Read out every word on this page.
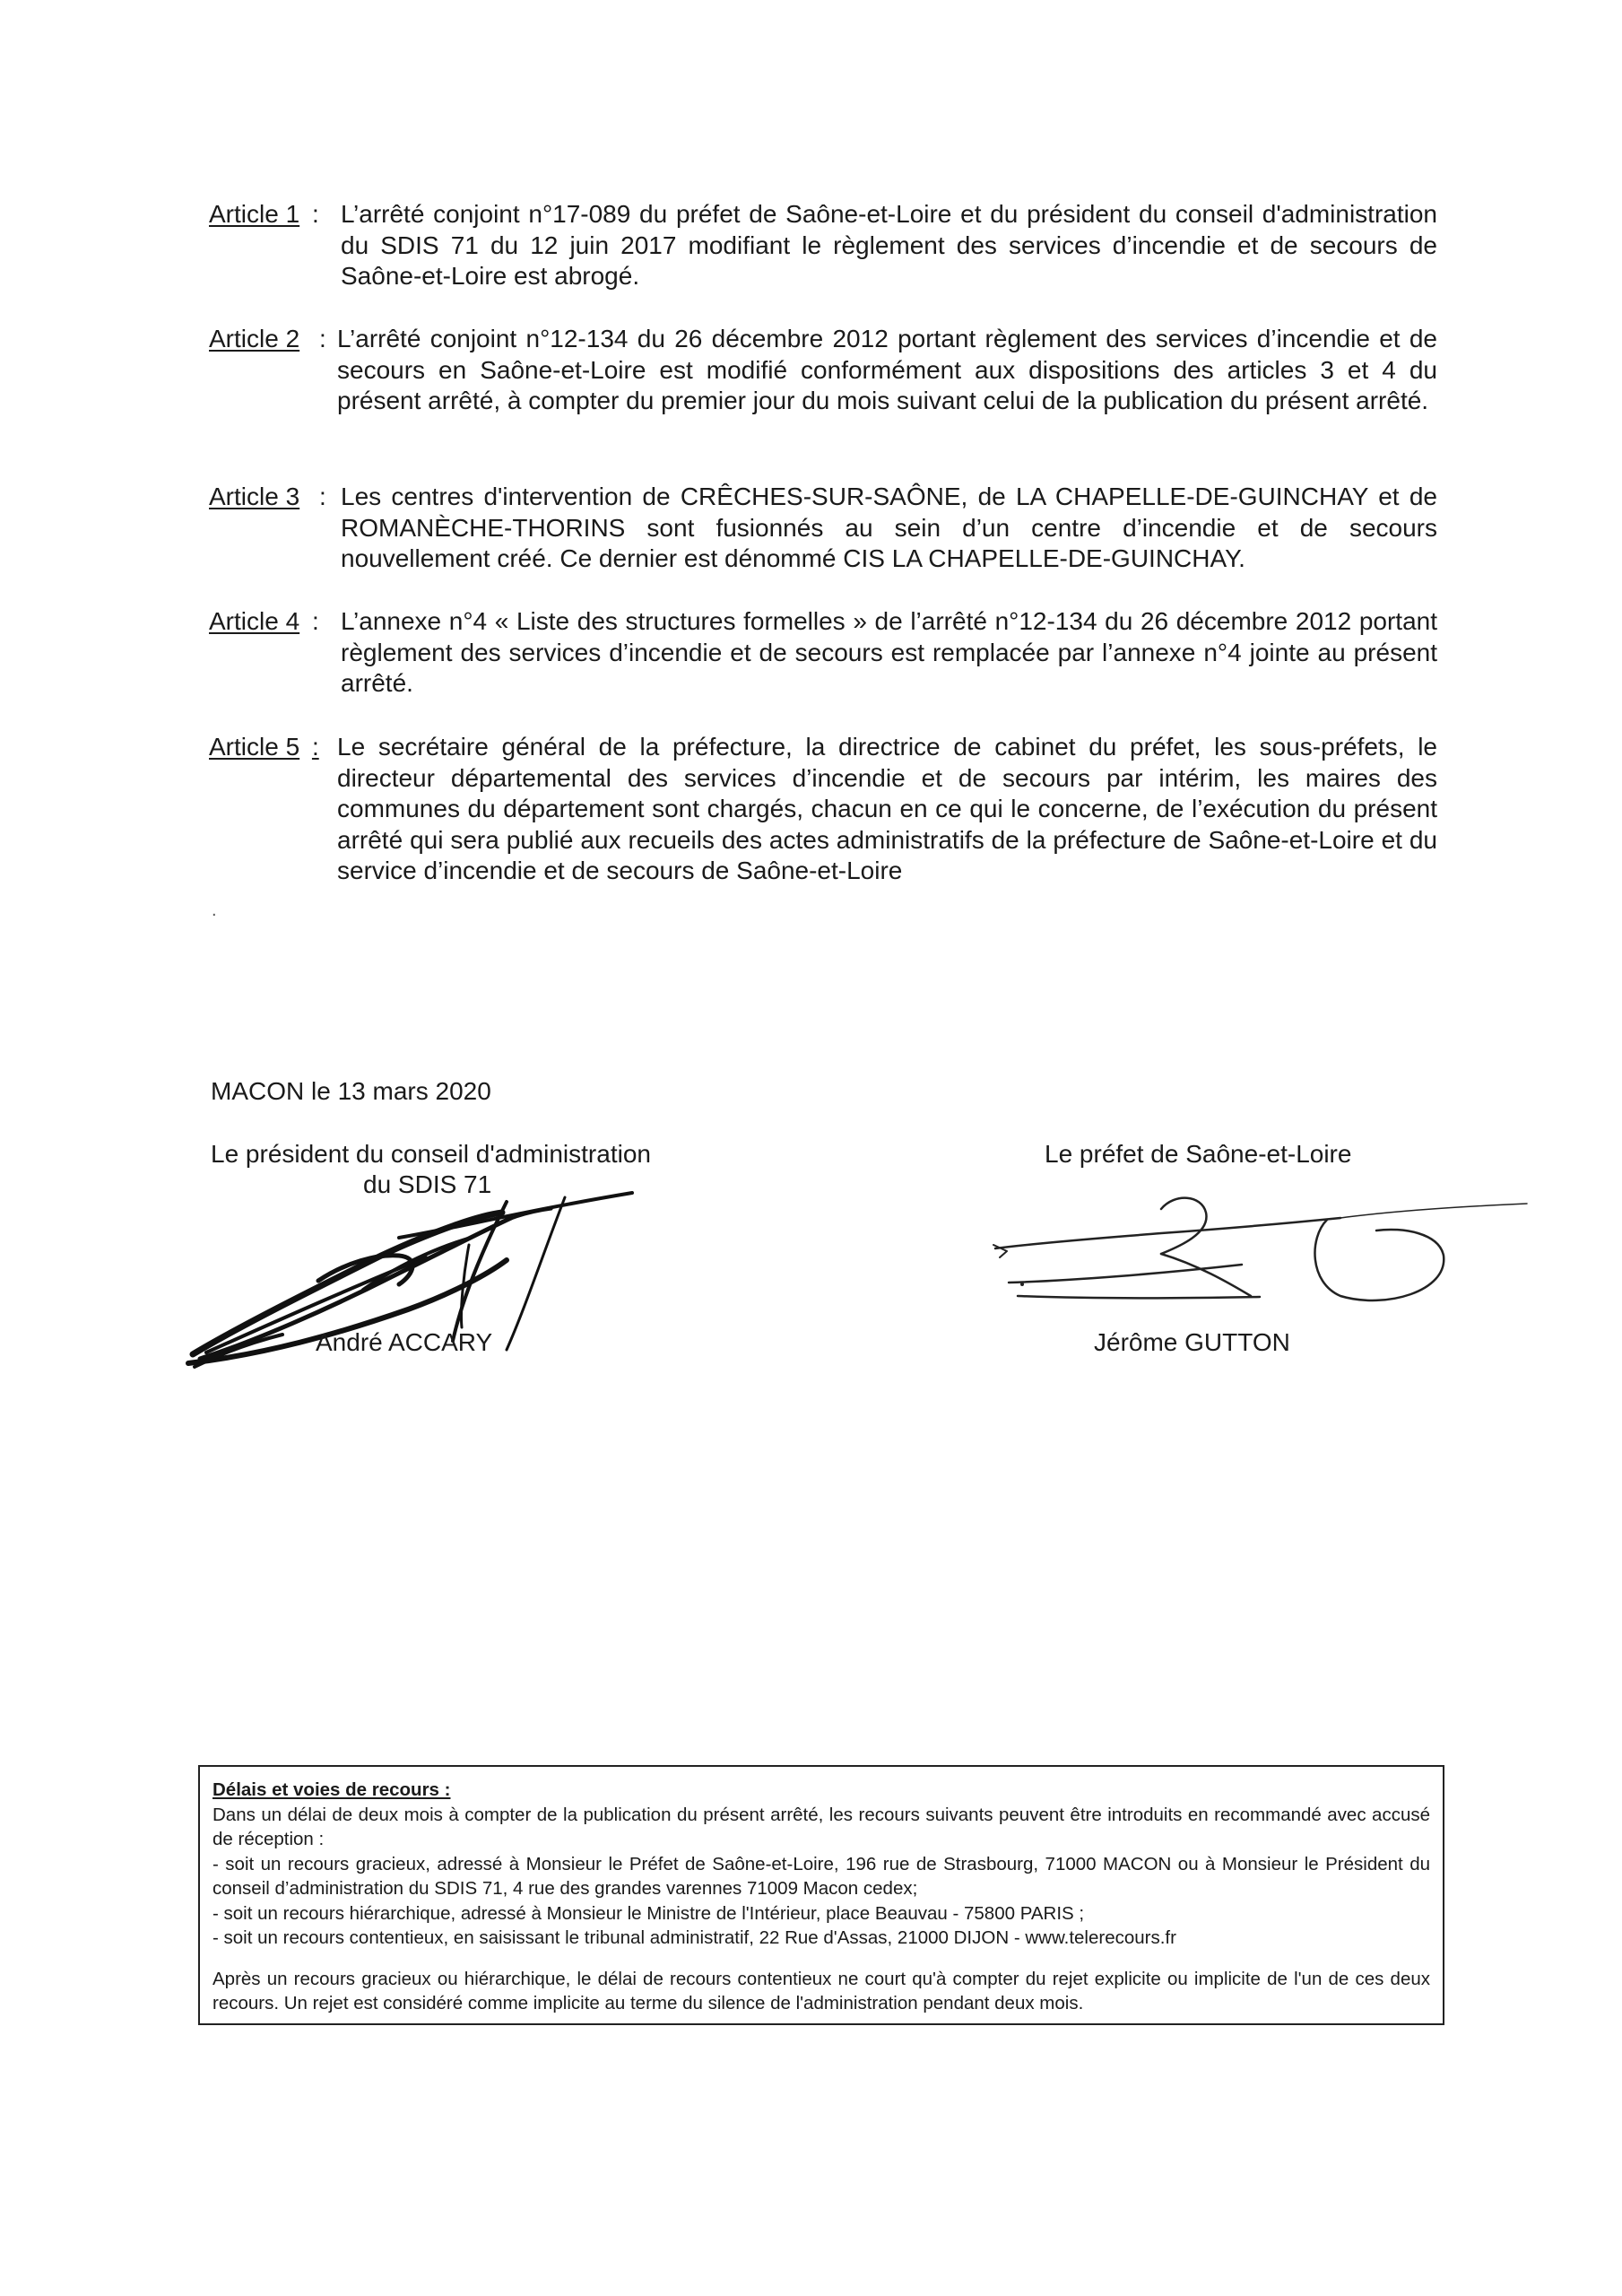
Article 1 : L’arrêté conjoint n°17-089 du préfet de Saône-et-Loire et du président du conseil d'administration du SDIS 71 du 12 juin 2017 modifiant le règlement des services d’incendie et de secours de Saône-et-Loire est abrogé.
Article 2 : L’arrêté conjoint n°12-134 du 26 décembre 2012 portant règlement des services d’incendie et de secours en Saône-et-Loire est modifié conformément aux dispositions des articles 3 et 4 du présent arrêté, à compter du premier jour du mois suivant celui de la publication du présent arrêté.
Article 3 : Les centres d'intervention de CRÊCHES-SUR-SAÔNE, de LA CHAPELLE-DE-GUINCHAY et de ROMANÈCHE-THORINS sont fusionnés au sein d’un centre d’incendie et de secours nouvellement créé. Ce dernier est dénommé CIS LA CHAPELLE-DE-GUINCHAY.
Article 4 : L’annexe n°4 « Liste des structures formelles » de l’arrêté n°12-134 du 26 décembre 2012 portant règlement des services d’incendie et de secours est remplacée par l’annexe n°4 jointe au présent arrêté.
Article 5 : Le secrétaire général de la préfecture, la directrice de cabinet du préfet, les sous-préfets, le directeur départemental des services d’incendie et de secours par intérim, les maires des communes du département sont chargés, chacun en ce qui le concerne, de l’exécution du présent arrêté qui sera publié aux recueils des actes administratifs de la préfecture de Saône-et-Loire et du service d’incendie et de secours de Saône-et-Loire
.
MACON le 13 mars 2020
Le président du conseil d'administration
du SDIS 71
Le préfet de Saône-et-Loire
André ACCARY	Jérôme GUTTON
Délais et voies de recours :
Dans un délai de deux mois à compter de la publication du présent arrêté, les recours suivants peuvent être introduits en recommandé avec accusé de réception :
- soit un recours gracieux, adressé à Monsieur le Préfet de Saône-et-Loire, 196 rue de Strasbourg, 71000 MACON ou à Monsieur le Président du conseil d’administration du SDIS 71, 4 rue des grandes varennes 71009 Macon cedex;
- soit un recours hiérarchique, adressé à Monsieur le Ministre de l'Intérieur, place Beauvau - 75800 PARIS ;
- soit un recours contentieux, en saisissant le tribunal administratif, 22 Rue d'Assas, 21000 DIJON - www.telerecours.fr
Après un recours gracieux ou hiérarchique, le délai de recours contentieux ne court qu'à compter du rejet explicite ou implicite de l'un de ces deux recours. Un rejet est considéré comme implicite au terme du silence de l'administration pendant deux mois.
